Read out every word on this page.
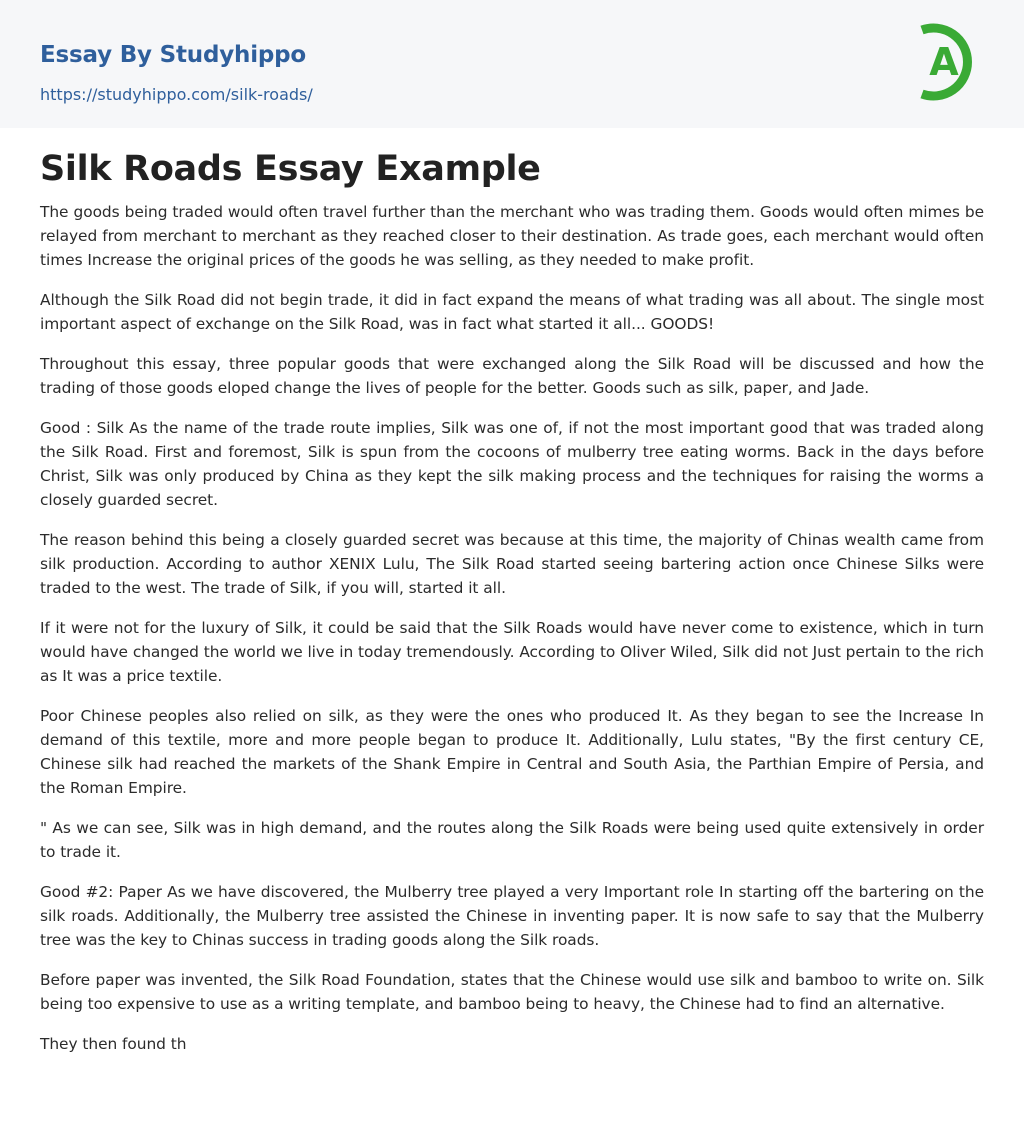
Essay By Studyhippo
https://studyhippo.com/silk-roads/
A
Silk Roads Essay Example

The goods being traded would often travel further than the merchant who was trading them. Goods would often mimes be relayed from merchant to merchant as they reached closer to their destination. As trade goes, each merchant would often times Increase the original prices of the goods he was selling, as they needed to make profit.

Although the Silk Road did not begin trade, it did in fact expand the means of what trading was all about. The single most important aspect of exchange on the Silk Road, was in fact what started it all... GOODS!

Throughout this essay, three popular goods that were exchanged along the Silk Road will be discussed and how the trading of those goods eloped change the lives of people for the better. Goods such as silk, paper, and Jade.

Good : Silk As the name of the trade route implies, Silk was one of, if not the most important good that was traded along the Silk Road. First and foremost, Silk is spun from the cocoons of mulberry tree eating worms. Back in the days before Christ, Silk was only produced by China as they kept the silk making process and the techniques for raising the worms a closely guarded secret.

The reason behind this being a closely guarded secret was because at this time, the majority of Chinas wealth came from silk production. According to author XENIX Lulu, The Silk Road started seeing bartering action once Chinese Silks were traded to the west. The trade of Silk, if you will, started it all.

If it were not for the luxury of Silk, it could be said that the Silk Roads would have never come to existence, which in turn would have changed the world we live in today tremendously. According to Oliver Wiled, Silk did not Just pertain to the rich as It was a price textile.

Poor Chinese peoples also relied on silk, as they were the ones who produced It. As they began to see the Increase In demand of this textile, more and more people began to produce It. Additionally, Lulu states, "By the first century CE, Chinese silk had reached the markets of the Shank Empire in Central and South Asia, the Parthian Empire of Persia, and the Roman Empire.

" As we can see, Silk was in high demand, and the routes along the Silk Roads were being used quite extensively in order to trade it.

Good #2: Paper As we have discovered, the Mulberry tree played a very Important role In starting off the bartering on the silk roads. Additionally, the Mulberry tree assisted the Chinese in inventing paper. It is now safe to say that the Mulberry tree was the key to Chinas success in trading goods along the Silk roads.

Before paper was invented, the Silk Road Foundation, states that the Chinese would use silk and bamboo to write on. Silk being too expensive to use as a writing template, and bamboo being to heavy, the Chinese had to find an alternative.

They then found th
